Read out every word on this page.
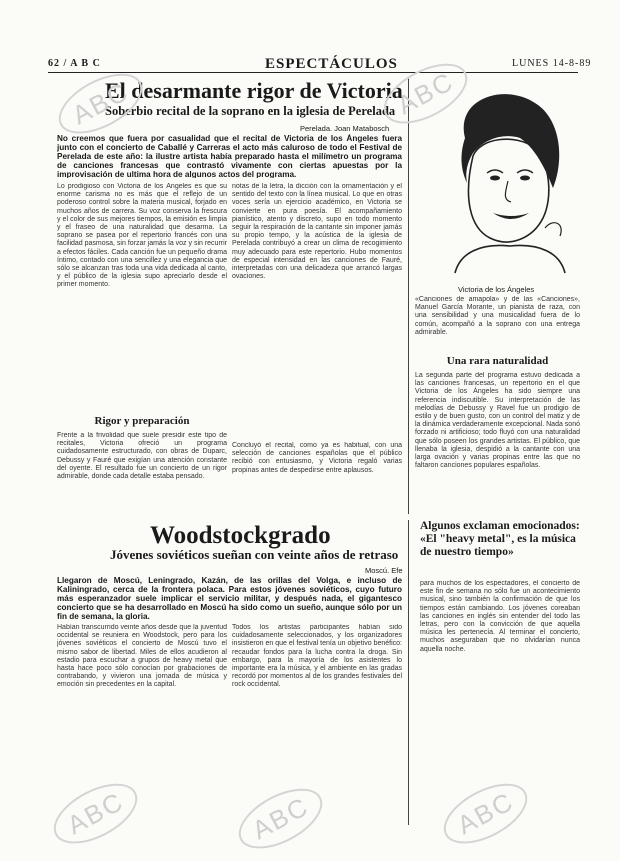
62 / A B C	ESPECTÁCULOS	LUNES 14-8-89
El desarmante rigor de Victoria
Soberbio recital de la soprano en la iglesia de Perelada
Perelada. Joan Matabosch
No creemos que fuera por casualidad que el recital de Victoria de los Ángeles fuera junto con el concierto de Caballé y Carreras el acto más caluroso de todo el Festival de Perelada de este año: la ilustre artista había preparado hasta el milímetro un programa de canciones francesas que contrastó vivamente con ciertas apuestas por la improvisación de ultima hora de algunos actos del programa.
Lo prodigioso con Victoria de los Ángeles es que su enorme carisma no es más que el reflejo de un poderoso control sobre la materia musical, forjado en muchos años de carrera. Su voz conserva la frescura y el color de sus mejores tiempos, la emisión es limpia y el fraseo de una naturalidad que desarma. La soprano se pasea por el repertorio francés con una facilidad pasmosa, sin forzar jamás la voz y sin recurrir a efectos fáciles. Cada canción fue un pequeño drama íntimo, contado con una sencillez y una elegancia que sólo se alcanzan tras toda una vida dedicada al canto, y el público de la iglesia supo apreciarlo desde el primer momento.
Rigor y preparación
Frente a la frivolidad que suele presidir este tipo de recitales, Victoria ofreció un programa cuidadosamente estructurado, con obras de Duparc, Debussy y Fauré que exigían una atención constante del oyente. El resultado fue un concierto de un rigor admirable, donde cada detalle estaba pensado.
notas de la letra, la dicción con la ornamentación y el sentido del texto con la línea musical. Lo que en otras voces sería un ejercicio académico, en Victoria se convierte en pura poesía. El acompañamiento pianístico, atento y discreto, supo en todo momento seguir la respiración de la cantante sin imponer jamás su propio tempo, y la acústica de la iglesia de Perelada contribuyó a crear un clima de recogimiento muy adecuado para este repertorio. Hubo momentos de especial intensidad en las canciones de Fauré, interpretadas con una delicadeza que arrancó largas ovaciones.
Concluyó el recital, como ya es habitual, con una selección de canciones españolas que el público recibió con entusiasmo, y Victoria regaló varias propinas antes de despedirse entre aplausos.
Victoria de los Ángeles
«Canciones de amapola» y de las «Canciones», Manuel García Morante, un pianista de raza, con una sensibilidad y una musicalidad fuera de lo común, acompañó a la soprano con una entrega admirable.
Una rara naturalidad
La segunda parte del programa estuvo dedicada a las canciones francesas, un repertorio en el que Victoria de los Ángeles ha sido siempre una referencia indiscutible. Su interpretación de las melodías de Debussy y Ravel fue un prodigio de estilo y de buen gusto, con un control del matiz y de la dinámica verdaderamente excepcional. Nada sonó forzado ni artificioso; todo fluyó con una naturalidad que sólo poseen los grandes artistas. El público, que llenaba la iglesia, despidió a la cantante con una larga ovación y varias propinas entre las que no faltaron canciones populares españolas.
Woodstockgrado
Jóvenes soviéticos sueñan con veinte años de retraso
Moscú. Efe
Llegaron de Moscú, Leningrado, Kazán, de las orillas del Volga, e incluso de Kaliningrado, cerca de la frontera polaca. Para estos jóvenes soviéticos, cuyo futuro más esperanzador suele implicar el servicio militar, y después nada, el gigantesco concierto que se ha desarrollado en Moscú ha sido como un sueño, aunque sólo por un fin de semana, la gloria.
Habían transcurrido veinte años desde que la juventud occidental se reuniera en Woodstock, pero para los jóvenes soviéticos el concierto de Moscú tuvo el mismo sabor de libertad. Miles de ellos acudieron al estadio para escuchar a grupos de heavy metal que hasta hace poco sólo conocían por grabaciones de contrabando, y vivieron una jornada de música y emoción sin precedentes en la capital.
Todos los artistas participantes habían sido cuidadosamente seleccionados, y los organizadores insistieron en que el festival tenía un objetivo benéfico: recaudar fondos para la lucha contra la droga. Sin embargo, para la mayoría de los asistentes lo importante era la música, y el ambiente en las gradas recordó por momentos al de los grandes festivales del rock occidental.
Algunos exclaman emocionados: «El "heavy metal", es la música de nuestro tiempo»
para muchos de los espectadores, el concierto de este fin de semana no sólo fue un acontecimiento musical, sino también la confirmación de que los tiempos están cambiando. Los jóvenes coreaban las canciones en inglés sin entender del todo las letras, pero con la convicción de que aquella música les pertenecía. Al terminar el concierto, muchos aseguraban que no olvidarían nunca aquella noche.
ABC	ABC
ABC	ABC	ABC
